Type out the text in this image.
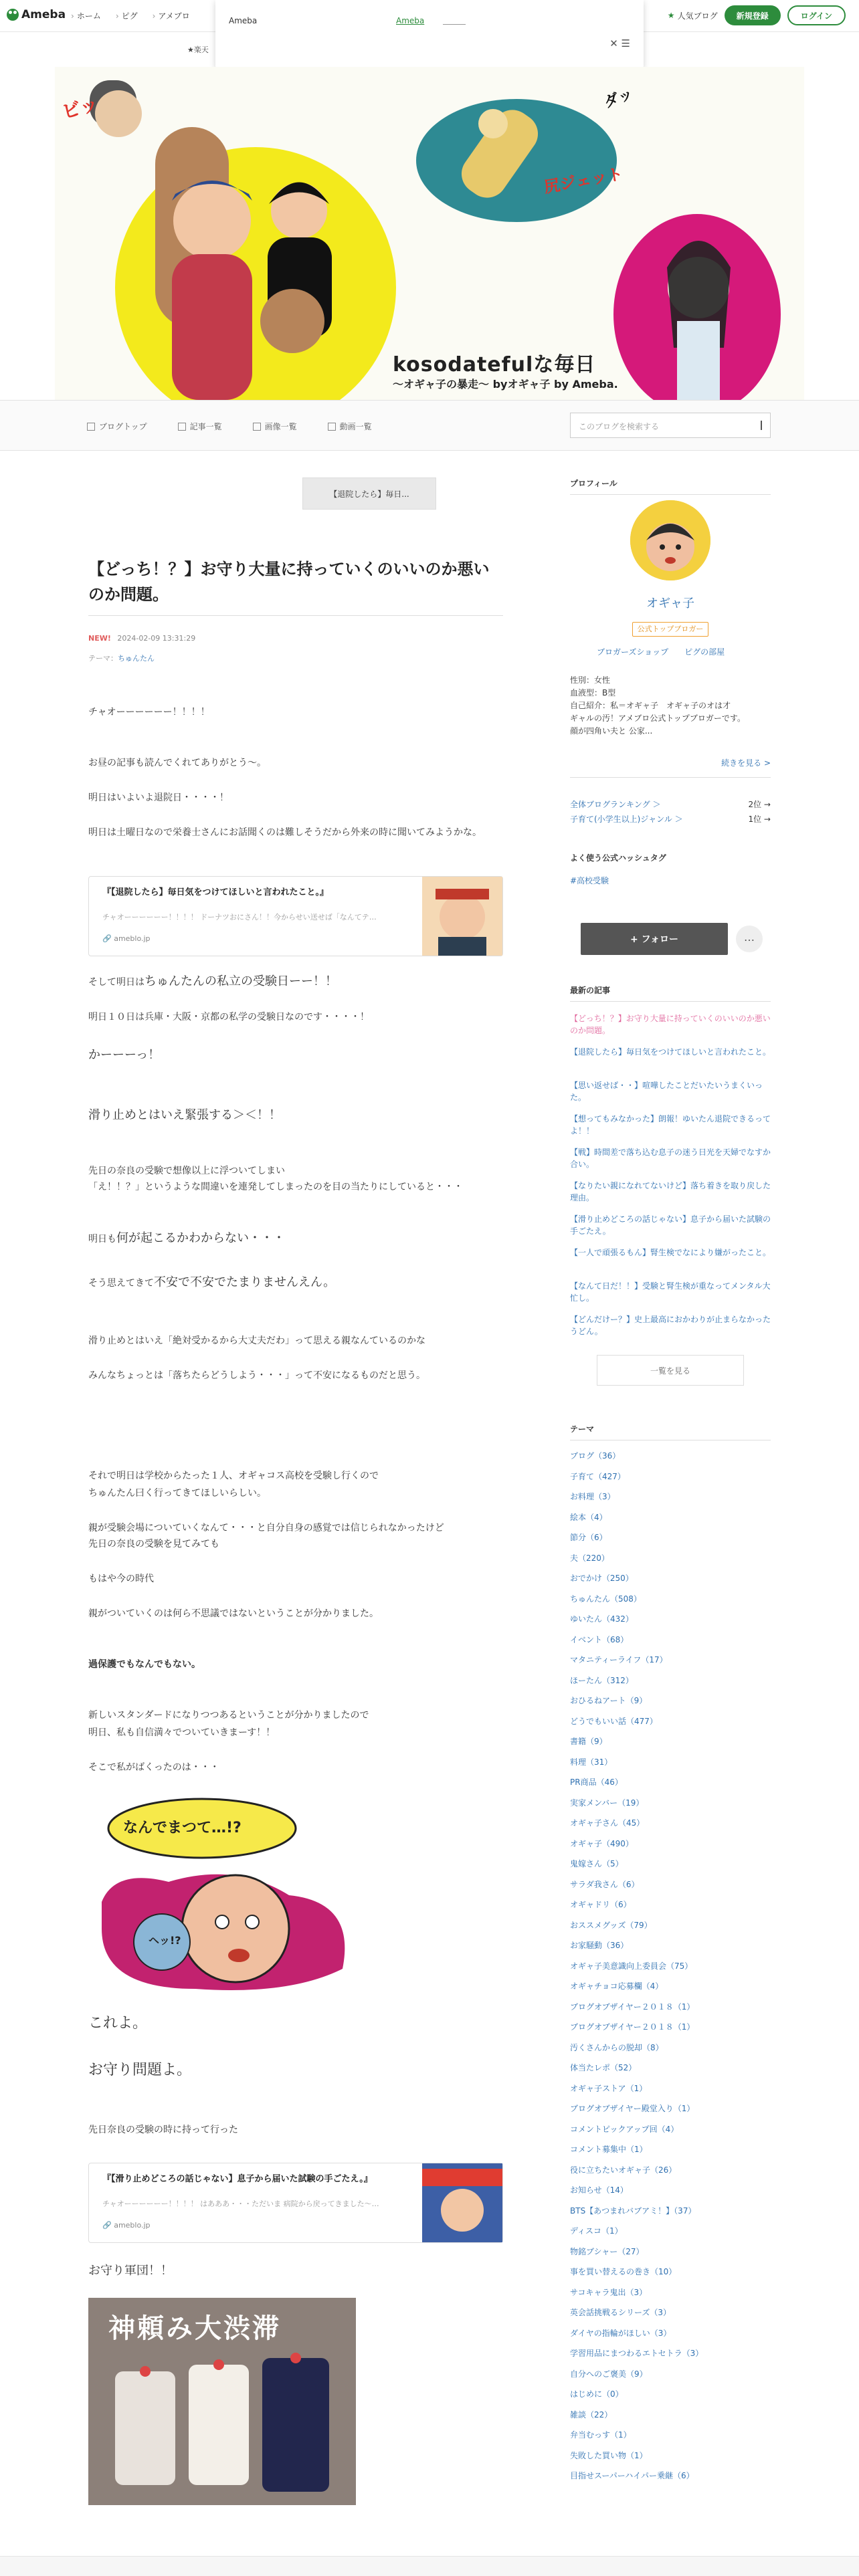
Ameba	› ホーム	› ピグ	› アメブロ	★ 人気ブログ	新規登録	ログイン
★楽天
Ameba	Ameba
✕ ☰
ビッ
尻ジェット
ダッ
kosodatefulな毎日
〜オギャ子の暴走〜 byオギャ子 by Ameba.
ブログトップ	記事一覧	画像一覧	動画一覧	このブログを検索する
【退院したら】毎日...
【どっち！？】お守り大量に持っていくのいいのか悪いのか問題。
NEW! 2024-02-09 13:31:29
テーマ：ちゅんたん
チャオーーーーーー！！！！
お昼の記事も読んでくれてありがとう〜。
明日はいよいよ退院日・・・・！
明日は土曜日なので栄養士さんにお話聞くのは難しそうだから外来の時に聞いてみようかな。
『【退院したら】毎日気をつけてほしいと言われたこと。』
チャオーーーーーー！！！！ ドーナツおにさん！！今からせい送せば「なんてテ…
🔗 ameblo.jp
そして明日はちゅんたんの私立の受験日ーー！！
明日１０日は兵庫・大阪・京都の私学の受験日なのです・・・・！
かーーーっ！
滑り止めとはいえ緊張する＞＜！！
先日の奈良の受験で想像以上に浮ついてしまい
「え！！？」というような間違いを連発してしまったのを目の当たりにしていると・・・
明日も何が起こるかわからない・・・
そう思えてきて不安で不安でたまりませんえん。
滑り止めとはいえ「絶対受かるから大丈夫だわ」って思える親なんているのかな
みんなちょっとは「落ちたらどうしよう・・・」って不安になるものだと思う。
それで明日は学校からたった１人、オギャコス高校を受験し行くので
ちゅんたん曰く行ってきてほしいらしい。
親が受験会場についていくなんて・・・と自分自身の感覚では信じられなかったけど
先日の奈良の受験を見てみても
もはや今の時代
親がついていくのは何ら不思議ではないということが分かりました。
過保護でもなんでもない。
新しいスタンダードになりつつあるということが分かりましたので
明日、私も自信満々でついていきまーす！！
そこで私がばくったのは・・・
なんでまつて…!?
ヘッ!?
これよ。
お守り問題よ。
先日奈良の受験の時に持って行った
『【滑り止めどころの話じゃない】息子から届いた試験の手ごたえ。』
チャオーーーーーー！！！！ はあああ・・・ただいま 病院から戻ってきました〜…
🔗 ameblo.jp
お守り軍団！！
神頼み大渋滞
プロフィール
オギャ子
公式トップブロガー
ブロガーズショップ ピグの部屋
性別：女性
血液型：B型
自己紹介：私＝オギャ子　オギャ子のオは才
ギャルの汚！アメブロ公式トップブロガーです。
顔が四角い夫と 公家...
続きを見る >
全体ブログランキング ＞	2位 →
子育て(小学生以上)ジャンル ＞	1位 →
よく使う公式ハッシュタグ
#高校受験
+ フォロー	…
最新の記事
【どっち！？】お守り大量に持っていくのいいのか悪いのか問題。
【退院したら】毎日気をつけてほしいと言われたこと。
【思い返せば・・】喧嘩したことだいたいうまくいった。
【想ってもみなかった】朗報！ゆいたん退院できるってよ！！
【戦】時間差で落ち込む息子の迷う日光を天婦でなすか合い。
【なりたい親になれてないけど】落ち着きを取り戻した理由。
【滑り止めどころの話じゃない】息子から届いた試験の手ごたえ。
【一人で頑張るもん】腎生検でなにより嫌がったこと。
【なんて日だ！！】受験と腎生検が重なってメンタル大忙し。
【どんだけー？】史上最高におかわりが止まらなかったうどん。
一覧を見る
テーマ
ブログ（36）
子育て（427）
お料理（3）
絵本（4）
節分（6）
夫（220）
おでかけ（250）
ちゅんたん（508）
ゆいたん（432）
イベント（68）
マタニティーライフ（17）
ほーたん（312）
おひるねアート（9）
どうでもいい話（477）
書籍（9）
料理（31）
PR商品（46）
実家メンバー（19）
オギャ子さん（45）
オギャ子（490）
鬼嫁さん（5）
サラダ我さん（6）
オギャドリ（6）
おススメグッズ（79）
お家騒動（36）
オギャ子美意識向上委員会（75）
オギャチョコ応募欄（4）
ブログオブザイヤー２０１８（1）
ブログオブザイヤー２０１８（1）
汚くさんからの脱却（8）
体当たレポ（52）
オギャ子ストア（1）
ブログオブザイヤー殿堂入り（1）
コメントピックアップ回（4）
コメント募集中（1）
役に立ちたいオギャ子（26）
お知らせ（14）
BTS【あつまれバブアミ！】（37）
ディスコ（1）
物銘ブシャー（27）
事を買い替えるの巻き（10）
サコキャラ鬼出（3）
英会話挑戦るシリーズ（3）
ダイヤの指輪がほしい（3）
学習用品にまつわるエトセトラ（3）
自分へのご褒美（9）
はじめに（0）
雑談（22）
弁当むっす（1）
失敗した買い物（1）
目指せスーパーハイパー乗継（6）
